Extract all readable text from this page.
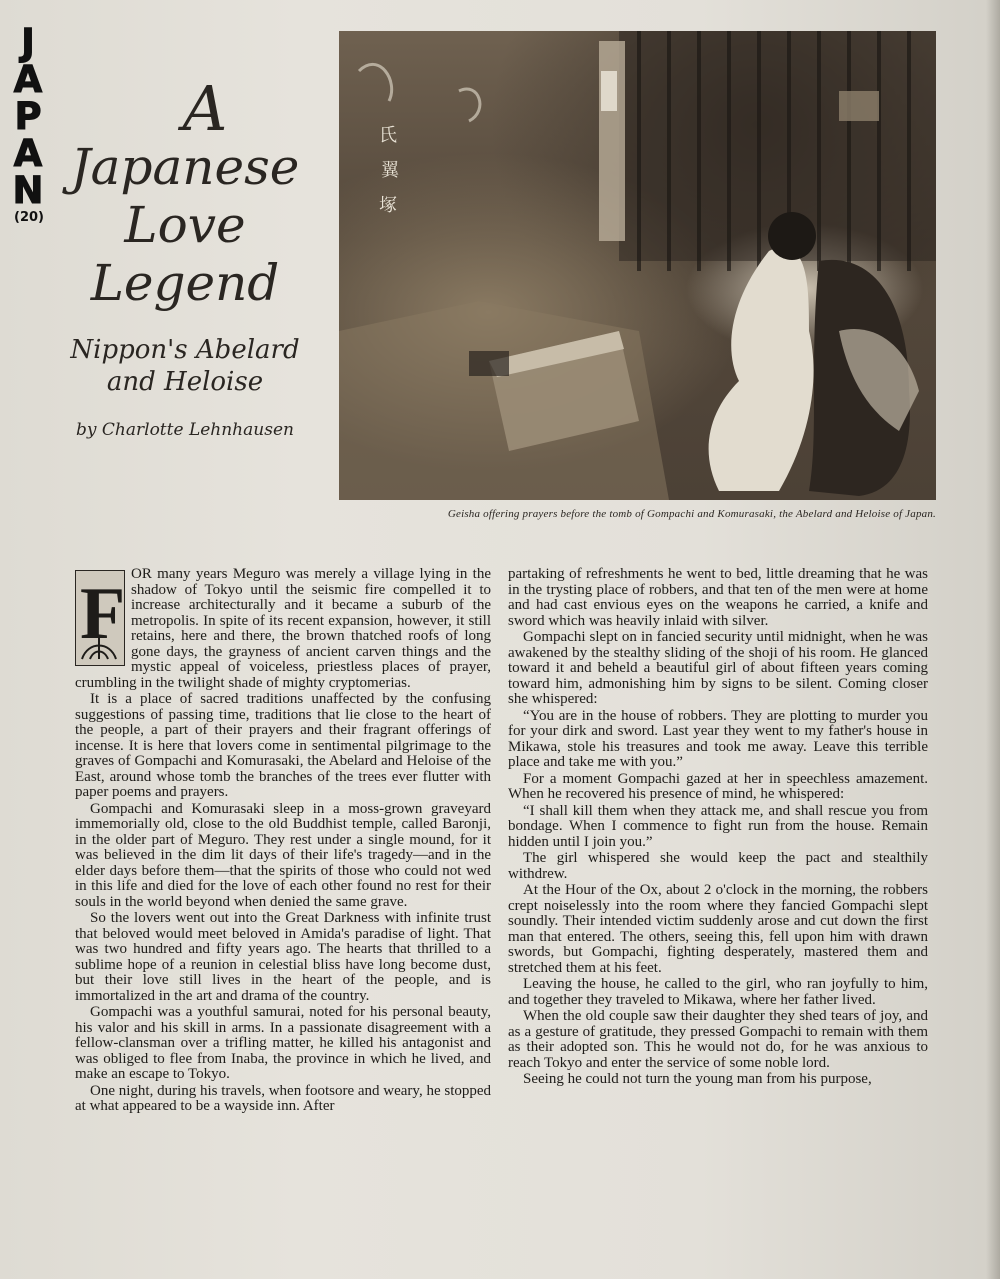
J
A
P
A
N
(20)
A
Japanese
Love
Legend
Nippon's Abelard
and Heloise
by Charlotte Lehnhausen
氏
翼
塚
Geisha offering prayers before the tomb of Gompachi and Komurasaki, the Abelard and Heloise of Japan.
F OR many years Meguro was merely a village lying in the shadow of Tokyo until the seismic fire compelled it to increase architecturally and it became a suburb of the metropolis. In spite of its recent expansion, however, it still retains, here and there, the brown thatched roofs of long gone days, the grayness of ancient carven things and the mystic appeal of voiceless, priestless places of prayer, crumbling in the twilight shade of mighty cryptomerias.

It is a place of sacred traditions unaffected by the confusing suggestions of passing time, traditions that lie close to the heart of the people, a part of their prayers and their fragrant offerings of incense. It is here that lovers come in sentimental pilgrimage to the graves of Gompachi and Komurasaki, the Abelard and Heloise of the East, around whose tomb the branches of the trees ever flutter with paper poems and prayers.

Gompachi and Komurasaki sleep in a moss-grown graveyard immemorially old, close to the old Buddhist temple, called Baronji, in the older part of Meguro. They rest under a single mound, for it was believed in the dim lit days of their life's tragedy—and in the elder days before them—that the spirits of those who could not wed in this life and died for the love of each other found no rest for their souls in the world beyond when denied the same grave.

So the lovers went out into the Great Darkness with infinite trust that beloved would meet beloved in Amida's paradise of light. That was two hundred and fifty years ago. The hearts that thrilled to a sublime hope of a reunion in celestial bliss have long become dust, but their love still lives in the heart of the people, and is immortalized in the art and drama of the country.

Gompachi was a youthful samurai, noted for his personal beauty, his valor and his skill in arms. In a passionate disagreement with a fellow-clansman over a trifling matter, he killed his antagonist and was obliged to flee from Inaba, the province in which he lived, and make an escape to Tokyo.

One night, during his travels, when footsore and weary, he stopped at what appeared to be a wayside inn. After

partaking of refreshments he went to bed, little dreaming that he was in the trysting place of robbers, and that ten of the men were at home and had cast envious eyes on the weapons he carried, a knife and sword which was heavily inlaid with silver.

Gompachi slept on in fancied security until midnight, when he was awakened by the stealthy sliding of the shoji of his room. He glanced toward it and beheld a beautiful girl of about fifteen years coming toward him, admonishing him by signs to be silent. Coming closer she whispered:

“You are in the house of robbers. They are plotting to murder you for your dirk and sword. Last year they went to my father's house in Mikawa, stole his treasures and took me away. Leave this terrible place and take me with you.”

For a moment Gompachi gazed at her in speechless amazement. When he recovered his presence of mind, he whispered:

“I shall kill them when they attack me, and shall rescue you from bondage. When I commence to fight run from the house. Remain hidden until I join you.”

The girl whispered she would keep the pact and stealthily withdrew.

At the Hour of the Ox, about 2 o'clock in the morning, the robbers crept noiselessly into the room where they fancied Gompachi slept soundly. Their intended victim suddenly arose and cut down the first man that entered. The others, seeing this, fell upon him with drawn swords, but Gompachi, fighting desperately, mastered them and stretched them at his feet.

Leaving the house, he called to the girl, who ran joyfully to him, and together they traveled to Mikawa, where her father lived.

When the old couple saw their daughter they shed tears of joy, and as a gesture of gratitude, they pressed Gompachi to remain with them as their adopted son. This he would not do, for he was anxious to reach Tokyo and enter the service of some noble lord.

Seeing he could not turn the young man from his purpose,
